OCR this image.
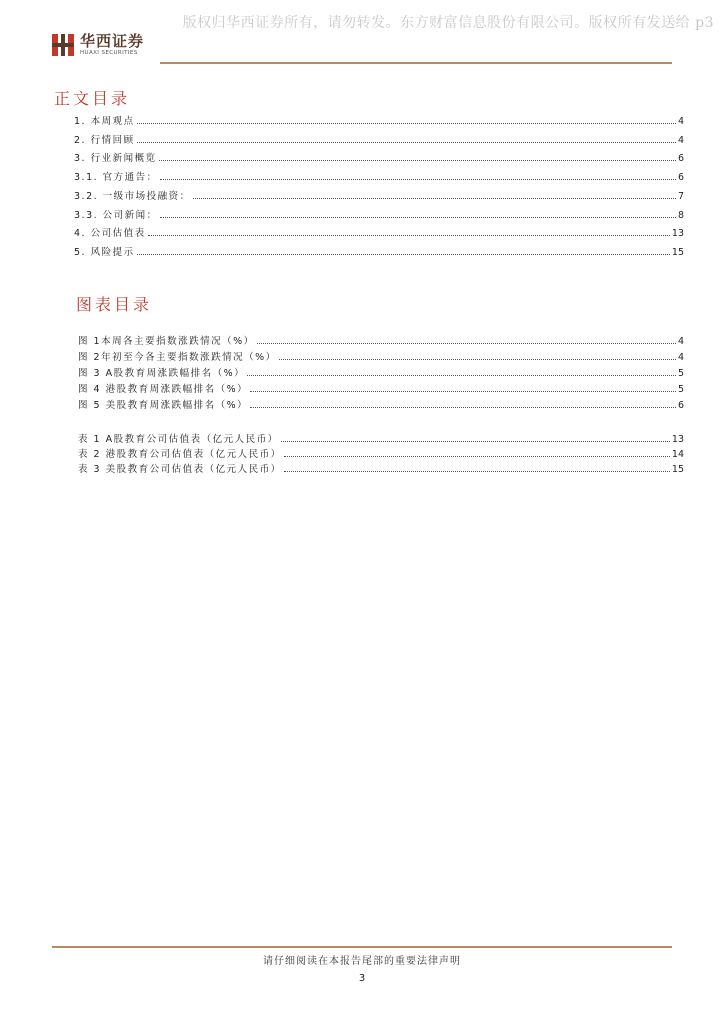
版权归华西证券所有，请勿转发。东方财富信息股份有限公司。版权所有发送给 p3
华西证券
HUAXI SECURITIES
正文目录
1. 本周观点	4
2. 行情回顾	4
3. 行业新闻概览	6
3.1. 官方通告：	6
3.2. 一级市场投融资：	7
3.3. 公司新闻：	8
4. 公司估值表	13
5. 风险提示	15
图表目录
图 1本周各主要指数涨跌情况（%）	4
图 2年初至今各主要指数涨跌情况（%）	4
图 3 A股教育周涨跌幅排名（%）	5
图 4 港股教育周涨跌幅排名（%）	5
图 5 美股教育周涨跌幅排名（%）	6
表 1 A股教育公司估值表（亿元人民币）	13
表 2 港股教育公司估值表（亿元人民币）	14
表 3 美股教育公司估值表（亿元人民币）	15
请仔细阅读在本报告尾部的重要法律声明
3
